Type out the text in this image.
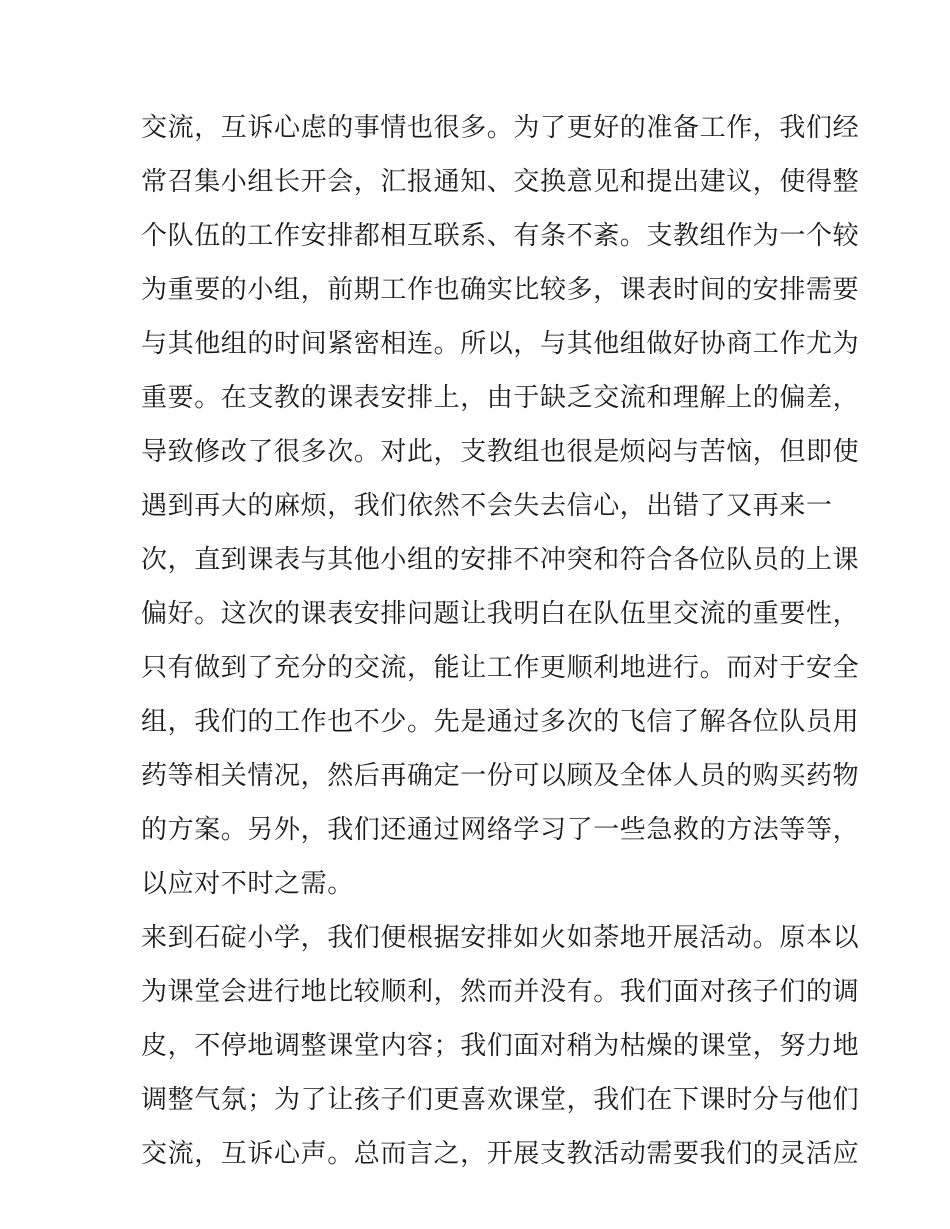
交流，互诉心虑的事情也很多。为了更好的准备工作，我们经
常召集小组长开会，汇报通知、交换意见和提出建议，使得整
个队伍的工作安排都相互联系、有条不紊。支教组作为一个较
为重要的小组，前期工作也确实比较多，课表时间的安排需要
与其他组的时间紧密相连。所以，与其他组做好协商工作尤为
重要。在支教的课表安排上，由于缺乏交流和理解上的偏差，
导致修改了很多次。对此，支教组也很是烦闷与苦恼，但即使
遇到再大的麻烦，我们依然不会失去信心，出错了又再来一
次，直到课表与其他小组的安排不冲突和符合各位队员的上课
偏好。这次的课表安排问题让我明白在队伍里交流的重要性，
只有做到了充分的交流，能让工作更顺利地进行。而对于安全
组，我们的工作也不少。先是通过多次的飞信了解各位队员用
药等相关情况，然后再确定一份可以顾及全体人员的购买药物
的方案。另外，我们还通过网络学习了一些急救的方法等等，
以应对不时之需。
来到石碇小学，我们便根据安排如火如荼地开展活动。原本以
为课堂会进行地比较顺利，然而并没有。我们面对孩子们的调
皮，不停地调整课堂内容；我们面对稍为枯燥的课堂，努力地
调整气氛；为了让孩子们更喜欢课堂，我们在下课时分与他们
交流，互诉心声。总而言之，开展支教活动需要我们的灵活应
